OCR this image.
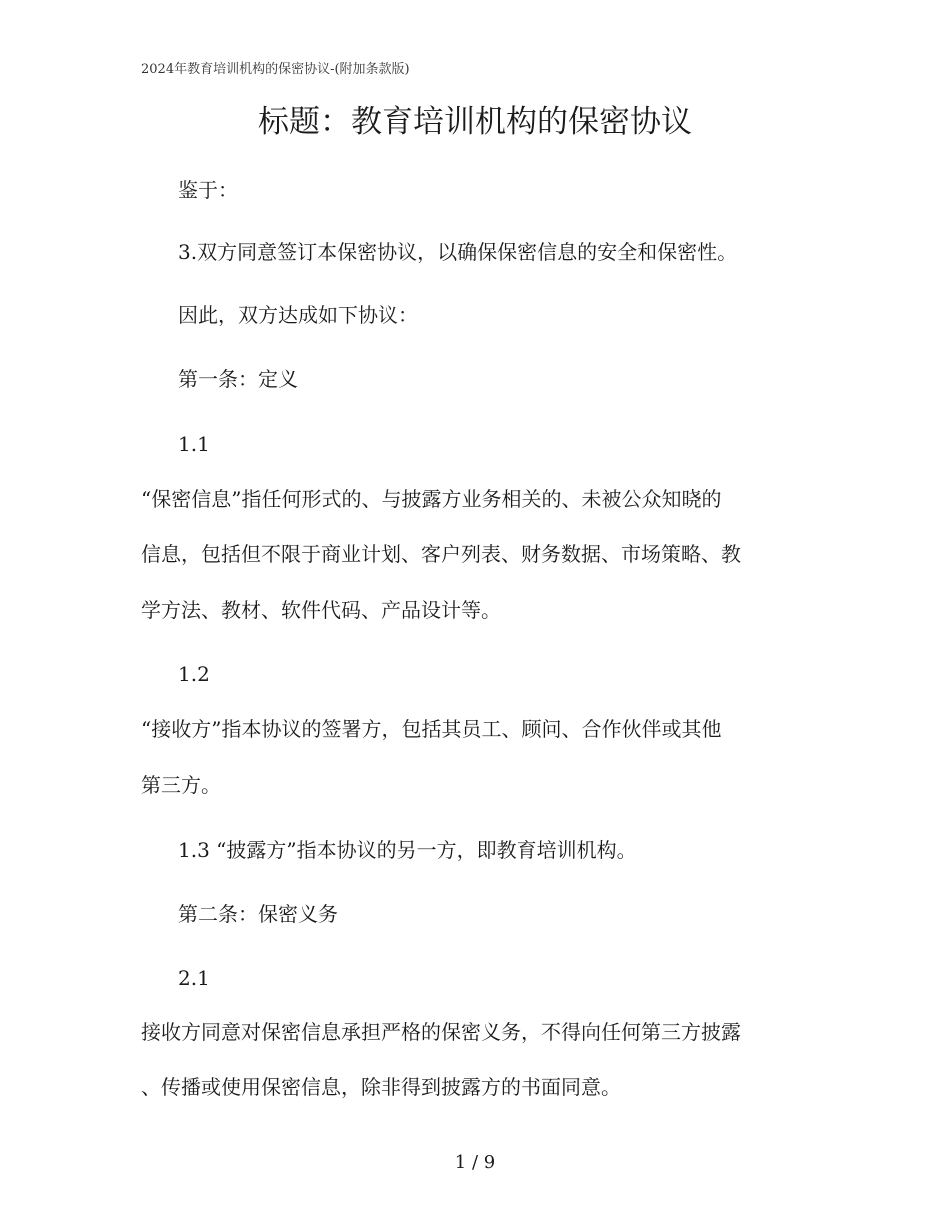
2024年教育培训机构的保密协议-(附加条款版)
标题：教育培训机构的保密协议
鉴于：
3.双方同意签订本保密协议，以确保保密信息的安全和保密性。
因此，双方达成如下协议：
第一条：定义
1.1
“保密信息”指任何形式的、与披露方业务相关的、未被公众知晓的
信息，包括但不限于商业计划、客户列表、财务数据、市场策略、教
学方法、教材、软件代码、产品设计等。
1.2
“接收方”指本协议的签署方，包括其员工、顾问、合作伙伴或其他
第三方。
1.3 “披露方”指本协议的另一方，即教育培训机构。
第二条：保密义务
2.1
接收方同意对保密信息承担严格的保密义务，不得向任何第三方披露
、传播或使用保密信息，除非得到披露方的书面同意。
1 / 9
